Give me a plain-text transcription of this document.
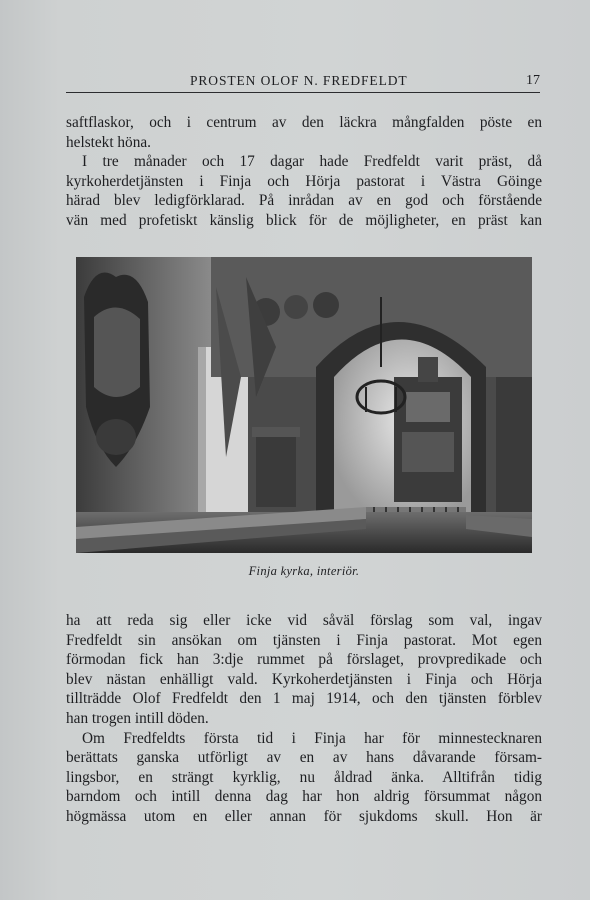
PROSTEN OLOF N. FREDFELDT	17
saftflaskor, och i centrum av den läckra mångfalden pöste en
helstekt höna.
I tre månader och 17 dagar hade Fredfeldt varit präst, då
kyrkoherdetjänsten i Finja och Hörja pastorat i Västra Göinge
härad blev ledigförklarad. På inrådan av en god och förstående
vän med profetiskt känslig blick för de möjligheter, en präst kan
Finja kyrka, interiör.
ha att reda sig eller icke vid såväl förslag som val, ingav
Fredfeldt sin ansökan om tjänsten i Finja pastorat. Mot egen
förmodan fick han 3:dje rummet på förslaget, provpredikade och
blev nästan enhälligt vald. Kyrkoherdetjänsten i Finja och Hörja
tillträdde Olof Fredfeldt den 1 maj 1914, och den tjänsten förblev
han trogen intill döden.
Om Fredfeldts första tid i Finja har för minnestecknaren
berättats ganska utförligt av en av hans dåvarande försam-
lingsbor, en strängt kyrklig, nu åldrad änka. Alltifrån tidig
barndom och intill denna dag har hon aldrig försummat någon
högmässa utom en eller annan för sjukdoms skull. Hon är
